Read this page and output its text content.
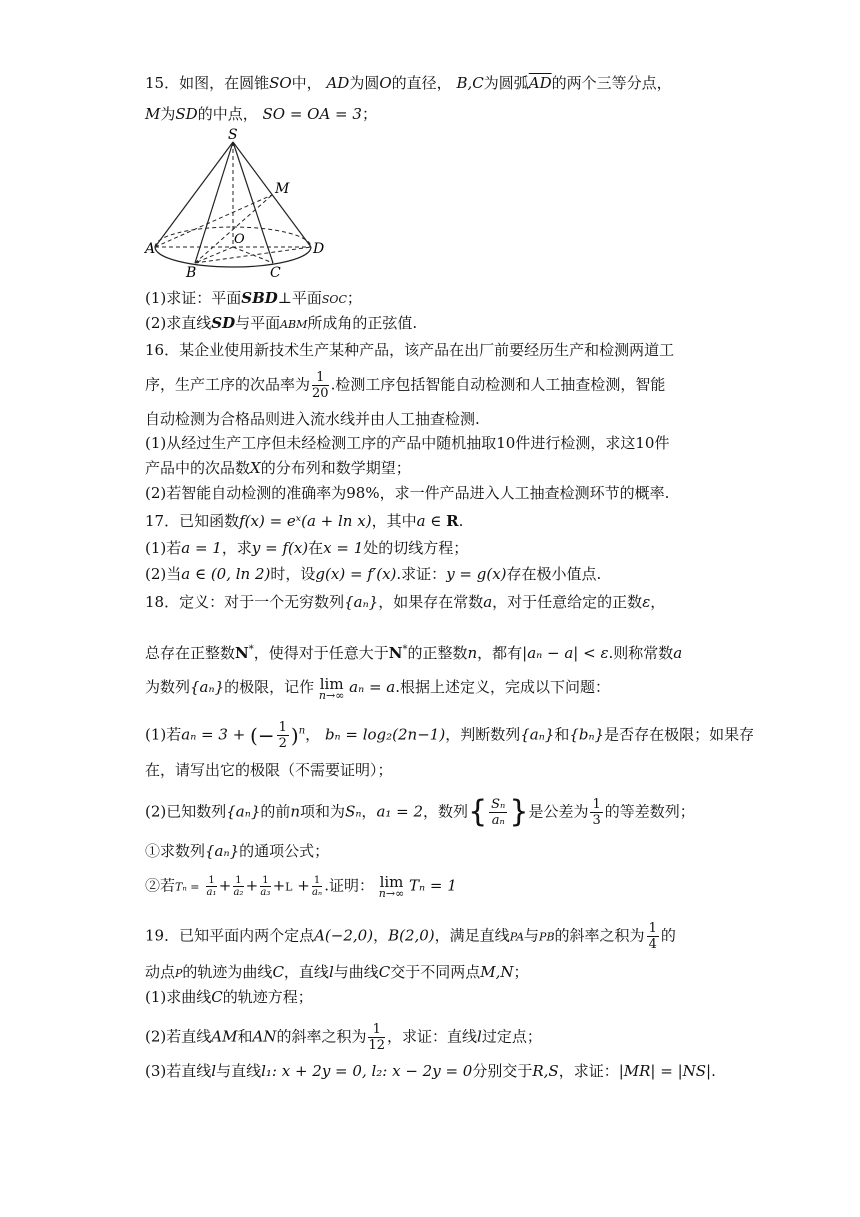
15．如图，在圆锥SO中， AD为圆O的直径， B,C为圆弧$\overline{AD}$的两个三等分点，
M为SD的中点， SO = OA = 3；
S
M
O
A	D
B	C
(1)求证：平面SBD⊥平面SOC；
(2)求直线SD与平面ABM所成角的正弦值.
16．某企业使用新技术生产某种产品，该产品在出厂前要经历生产和检测两道工
序，生产工序的次品率为 $\frac{1}{20}$ .检测工序包括智能自动检测和人工抽查检测，智能
自动检测为合格品则进入流水线并由人工抽查检测.
(1)从经过生产工序但未经检测工序的产品中随机抽取10件进行检测，求这10件
产品中的次品数X的分布列和数学期望；
(2)若智能自动检测的准确率为98%，求一件产品进入人工抽查检测环节的概率.
17．已知函数f(x) = eˣ(a + ln x)，其中a ∈ R.
(1)若a = 1，求y = f(x)在x = 1处的切线方程；
(2)当a ∈ (0, ln 2)时，设g(x) = f′(x).求证：y = g(x)存在极小值点.
18．定义：对于一个无穷数列{aₙ}，如果存在常数a，对于任意给定的正数ε，
总存在正整数N*，使得对于任意大于N*的正整数n，都有|aₙ − a| < ε.则称常数a
为数列{aₙ}的极限，记作 lim
n→∞ aₙ = a.根据上述定义，完成以下问题：
(1)若aₙ = 3 + (− $\frac{1}{2} )^n$， bₙ = log₂(2n−1)，判断数列{aₙ}和{bₙ}是否存在极限；如果存
在，请写出它的极限（不需要证明）；
(2)已知数列{aₙ}的前n项和为Sₙ，a₁ = 2，数列{ $\frac{\text{Sₙ}}{\text{aₙ}}$ }是公差为 $\frac{1}{3}$ 的等差数列；
①求数列{aₙ}的通项公式；
②若$T_n = \frac{1}{\text{a₁}} + \frac{1}{\text{a₂}} + \frac{1}{\text{a₃}} +L + \frac{1}{\text{aₙ}}$ .证明： lim
n→∞ Tₙ = 1
19．已知平面内两个定点A(−2,0)，B(2,0)，满足直线PA与PB的斜率之积为 $\frac{1}{4}$ 的
动点P的轨迹为曲线C，直线l与曲线C交于不同两点M,N；
(1)求曲线C的轨迹方程；
(2)若直线AM和AN的斜率之积为 $\frac{1}{12}$ ，求证：直线l过定点；
(3)若直线l与直线l₁: x + 2y = 0, l₂: x − 2y = 0分别交于R,S，求证：|MR| = |NS|.
